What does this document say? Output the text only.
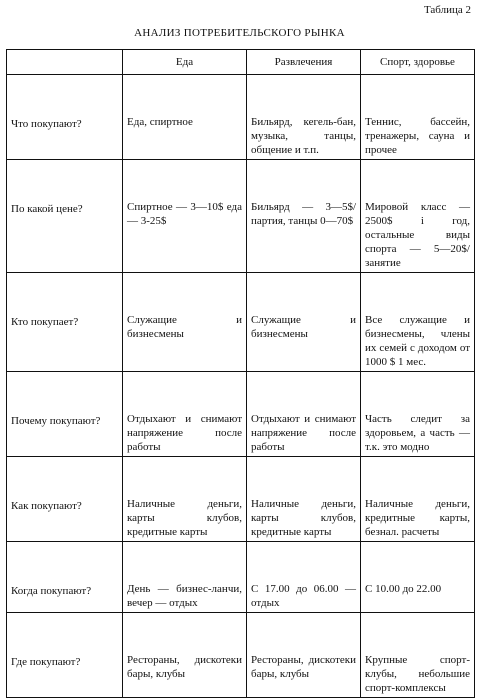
Таблица 2
АНАЛИЗ ПОТРЕБИТЕЛЬСКОГО РЫНКА
	Еда	Развлечения	Спорт, здоровье
Что покупают?	Еда, спиртное	Бильярд, кегель-бан, музыка, танцы, общение и т.п.	Теннис, бассейн, тренажеры, сауна и прочее
По какой цене?	Спиртное — 3—10$ еда — 3-25$	Бильярд — 3—5$/партия, танцы 0—70$	Мировой класс — 2500$ і год, остальные виды спорта — 5—20$/занятие
Кто покупает?	Служащие и бизнесмены	Служащие и бизнесмены	Все служащие и бизнесмены, члены их семей с доходом от 1000 $ 1 мес.
Почему покупают?	Отдыхают и снимают напряжение после работы	Отдыхают и снимают напряжение после работы	Часть следит за здоровьем, а часть — т.к. это модно
Как покупают?	Наличные деньги, карты клубов, кредитные карты	Наличные деньги, карты клубов, кредитные карты	Наличные деньги, кредитные карты, безнал. расчеты
Когда покупают?	День — бизнес-ланчи, вечер — отдых	С 17.00 до 06.00 — отдых	С 10.00 до 22.00
Где покупают?	Рестораны, дискотеки бары, клубы	Рестораны, дискотеки бары, клубы	Крупные спорт-клубы, небольшие спорт-комплексы
